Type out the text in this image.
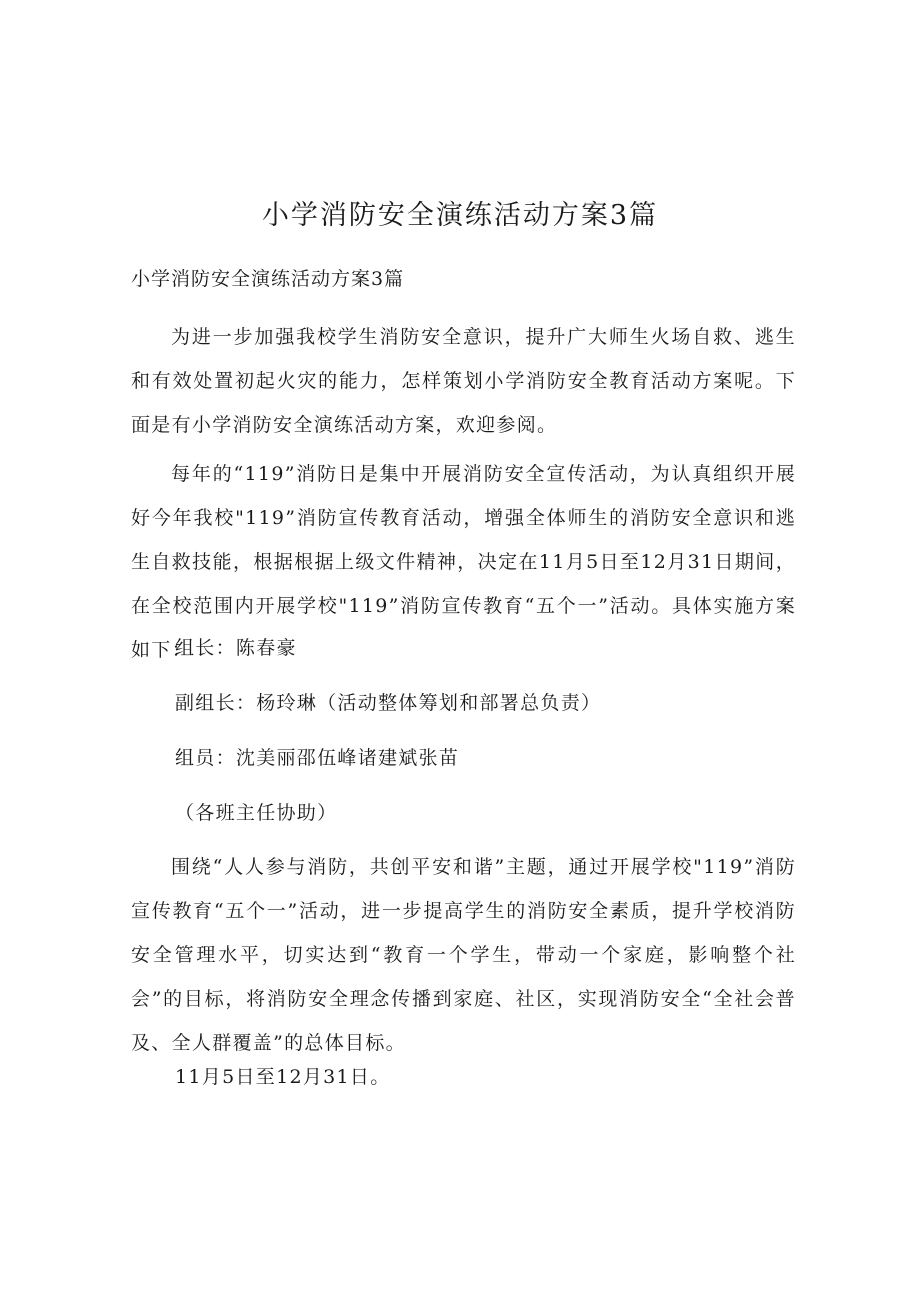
小学消防安全演练活动方案3篇
小学消防安全演练活动方案3篇

为进一步加强我校学生消防安全意识，提升广大师生火场自救、逃生和有效处置初起火灾的能力，怎样策划小学消防安全教育活动方案呢。下面是有小学消防安全演练活动方案，欢迎参阅。

每年的“119”消防日是集中开展消防安全宣传活动，为认真组织开展好今年我校"119”消防宣传教育活动，增强全体师生的消防安全意识和逃生自救技能，根据根据上级文件精神，决定在11月5日至12月31日期间，在全校范围内开展学校"119”消防宣传教育“五个一”活动。具体实施方案如下：

组长：陈春豪
副组长：杨玲琳（活动整体筹划和部署总负责）
组员：沈美丽邵伍峰诸建斌张苗
（各班主任协助）

围绕“人人参与消防，共创平安和谐”主题，通过开展学校"119”消防宣传教育“五个一”活动，进一步提高学生的消防安全素质，提升学校消防安全管理水平，切实达到“教育一个学生，带动一个家庭，影响整个社会”的目标，将消防安全理念传播到家庭、社区，实现消防安全“全社会普及、全人群覆盖”的总体目标。

11月5日至12月31日。
